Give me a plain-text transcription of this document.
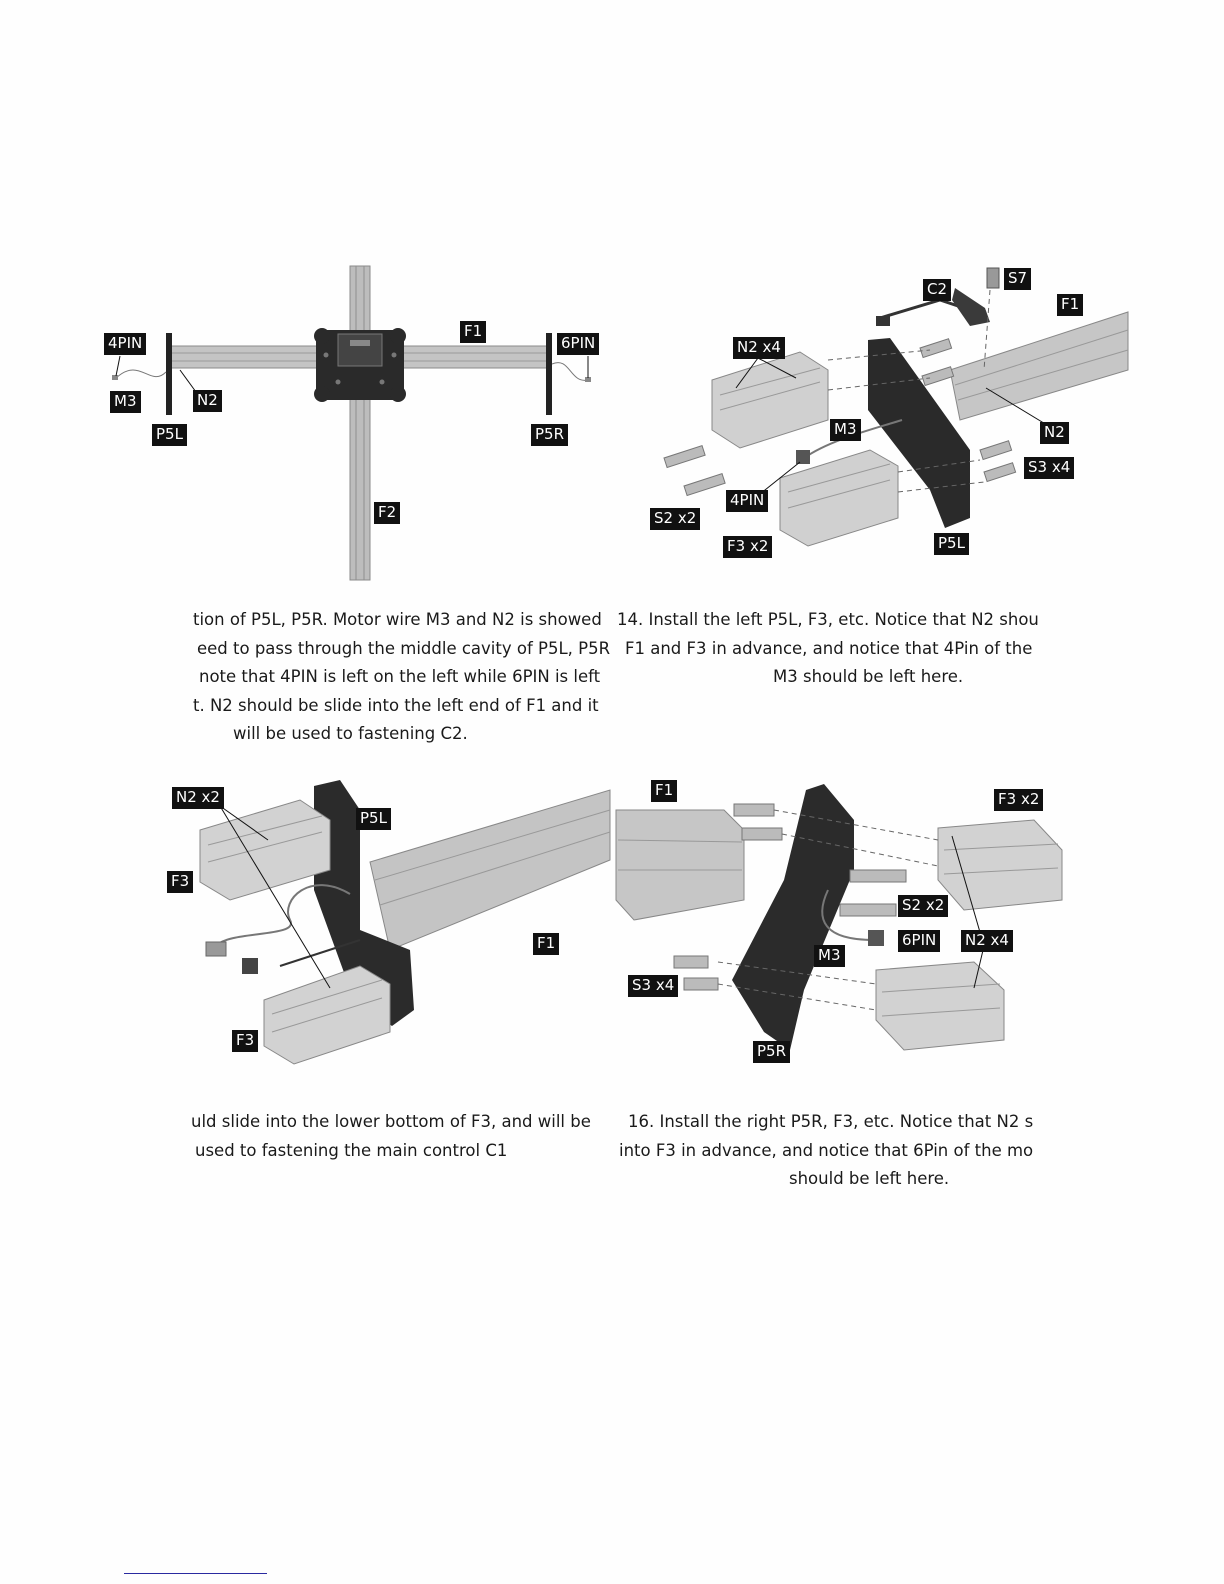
4PIN
M3	N2
P5L
F1
6PIN
P5R
F2
C2
S7
F1
N2 x4
M3	N2
S3 x4
4PIN
S2 x2
F3 x2	P5L
tion of P5L, P5R. Motor wire M3 and N2 is showed
eed to pass through the middle cavity of P5L, P5R
note that 4PIN is left on the left while 6PIN is left
t. N2 should be slide into the left end of F1 and it
will be used to fastening C2.
14. Install the left P5L, F3, etc. Notice that N2 shou
F1 and F3 in advance, and notice that 4Pin of the
M3 should be left here.
N2 x2
P5L
F3
F1
F3
F1	F3 x2
S2 x2
6PIN N2 x4
M3
S3 x4
P5R
uld slide into the lower bottom of F3, and will be
used to fastening the main control C1
16. Install the right P5R, F3, etc. Notice that N2 s
into F3 in advance, and notice that 6Pin of the mo
should be left here.
